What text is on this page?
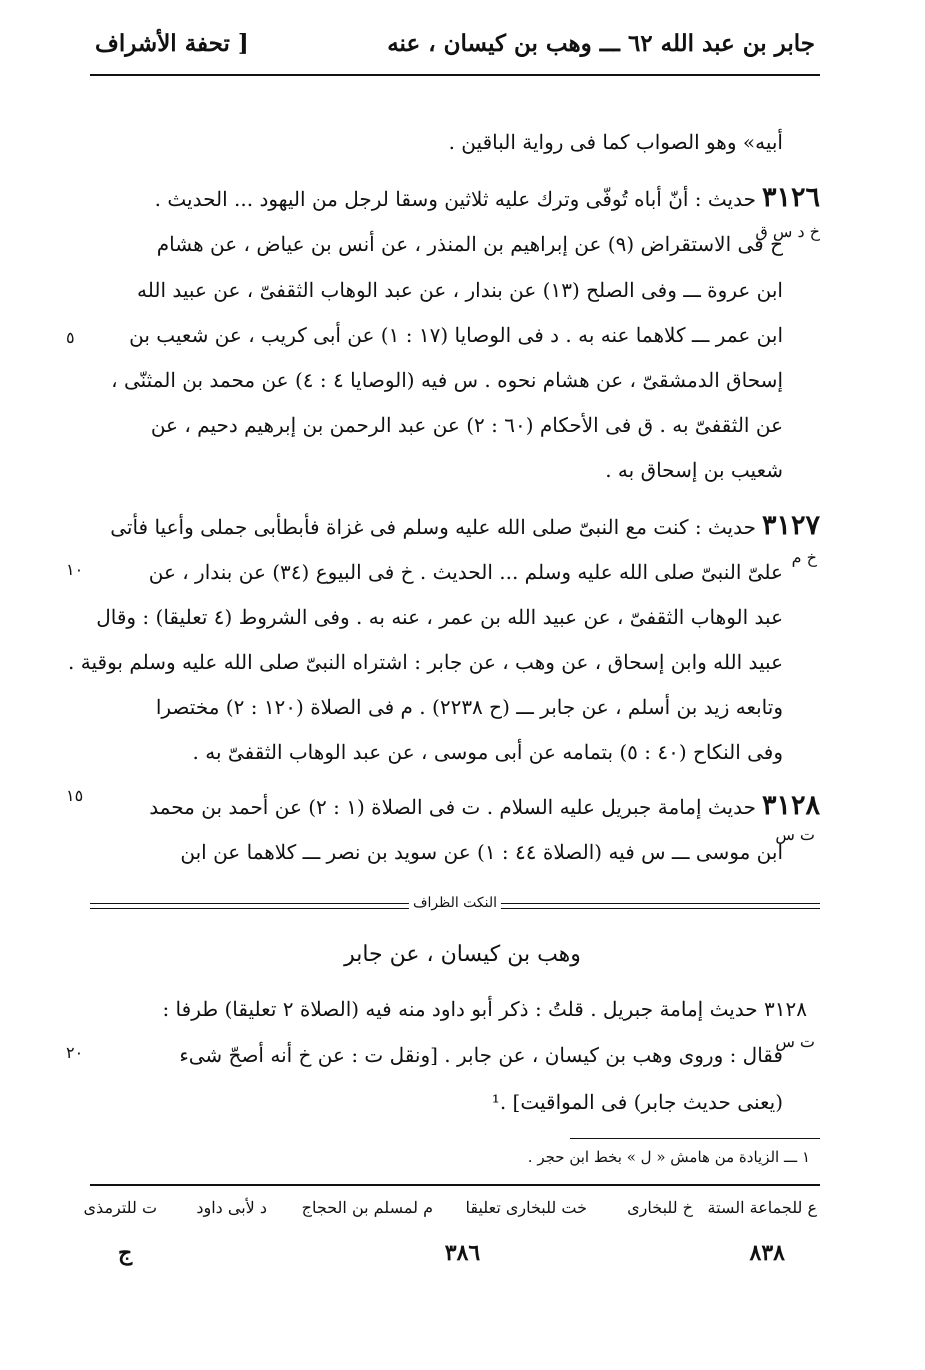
جابر بن عبد الله ٦٢ ـــ وهب بن كيسان ، عنه
[ تحفة الأشراف
أبيه» وهو الصواب كما فى رواية الباقين .
٣١٢٦حديث : أنّ أباه تُوفّى وترك عليه ثلاثين وسقا لرجل من اليهود ... الحديث .
خ فى الاستقراض (٩) عن إبراهيم بن المنذر ، عن أنس بن عياض ، عن هشام
ابن عروة ـــ وفى الصلح (١٣) عن بندار ، عن عبد الوهاب الثقفىّ ، عن عبيد الله
ابن عمر ـــ كلاهما عنه به . د فى الوصايا (١٧ : ١) عن أبى كريب ، عن شعيب بن
إسحاق الدمشقىّ ، عن هشام نحوه . س فيه (الوصايا ٤ : ٤) عن محمد بن المثنّى ،
عن الثقفىّ به . ق فى الأحكام (٦٠ : ٢) عن عبد الرحمن بن إبرهيم دحيم ، عن
شعيب بن إسحاق به .
٣١٢٧حديث : كنت مع النبىّ صلى الله عليه وسلم فى غزاة فأبطأبى جملى وأعيا فأتى
علىّ النبىّ صلى الله عليه وسلم ... الحديث . خ فى البيوع (٣٤) عن بندار ، عن
عبد الوهاب الثقفىّ ، عن عبيد الله بن عمر ، عنه به . وفى الشروط (٤ تعليقا) : وقال
عبيد الله وابن إسحاق ، عن وهب ، عن جابر : اشتراه النبىّ صلى الله عليه وسلم بوقية .
وتابعه زيد بن أسلم ، عن جابر ـــ (ح ٢٢٣٨) . م فى الصلاة (١٢٠ : ٢) مختصرا
وفى النكاح (٤٠ : ٥) بتمامه عن أبى موسى ، عن عبد الوهاب الثقفىّ به .
٣١٢٨حديث إمامة جبريل عليه السلام . ت فى الصلاة (١ : ٢) عن أحمد بن محمد
ابن موسى ـــ س فيه (الصلاة ٤٤ : ١) عن سويد بن نصر ـــ كلاهما عن ابن
خ د س ق
خ م
ت س
ت س
٥
١٠
١٥
٢٠
النكت الظراف
وهب بن كيسان ، عن جابر
٣١٢٨ حديث إمامة جبريل . قلتُ : ذكر أبو داود منه فيه (الصلاة ٢ تعليقا) طرفا :
فقال : وروى وهب بن كيسان ، عن جابر . [ونقل ت : عن خ أنه أصحّ شىء
(يعنى حديث جابر) فى المواقيت] .¹
١ ـــ الزيادة من هامش « ل » بخط ابن حجر .
ع للجماعة الستة
خ للبخارى
خت للبخارى تعليقا
م لمسلم بن الحجاج
د لأبى داود
ت للترمذى
٨٣٨
٣٨٦
ج
